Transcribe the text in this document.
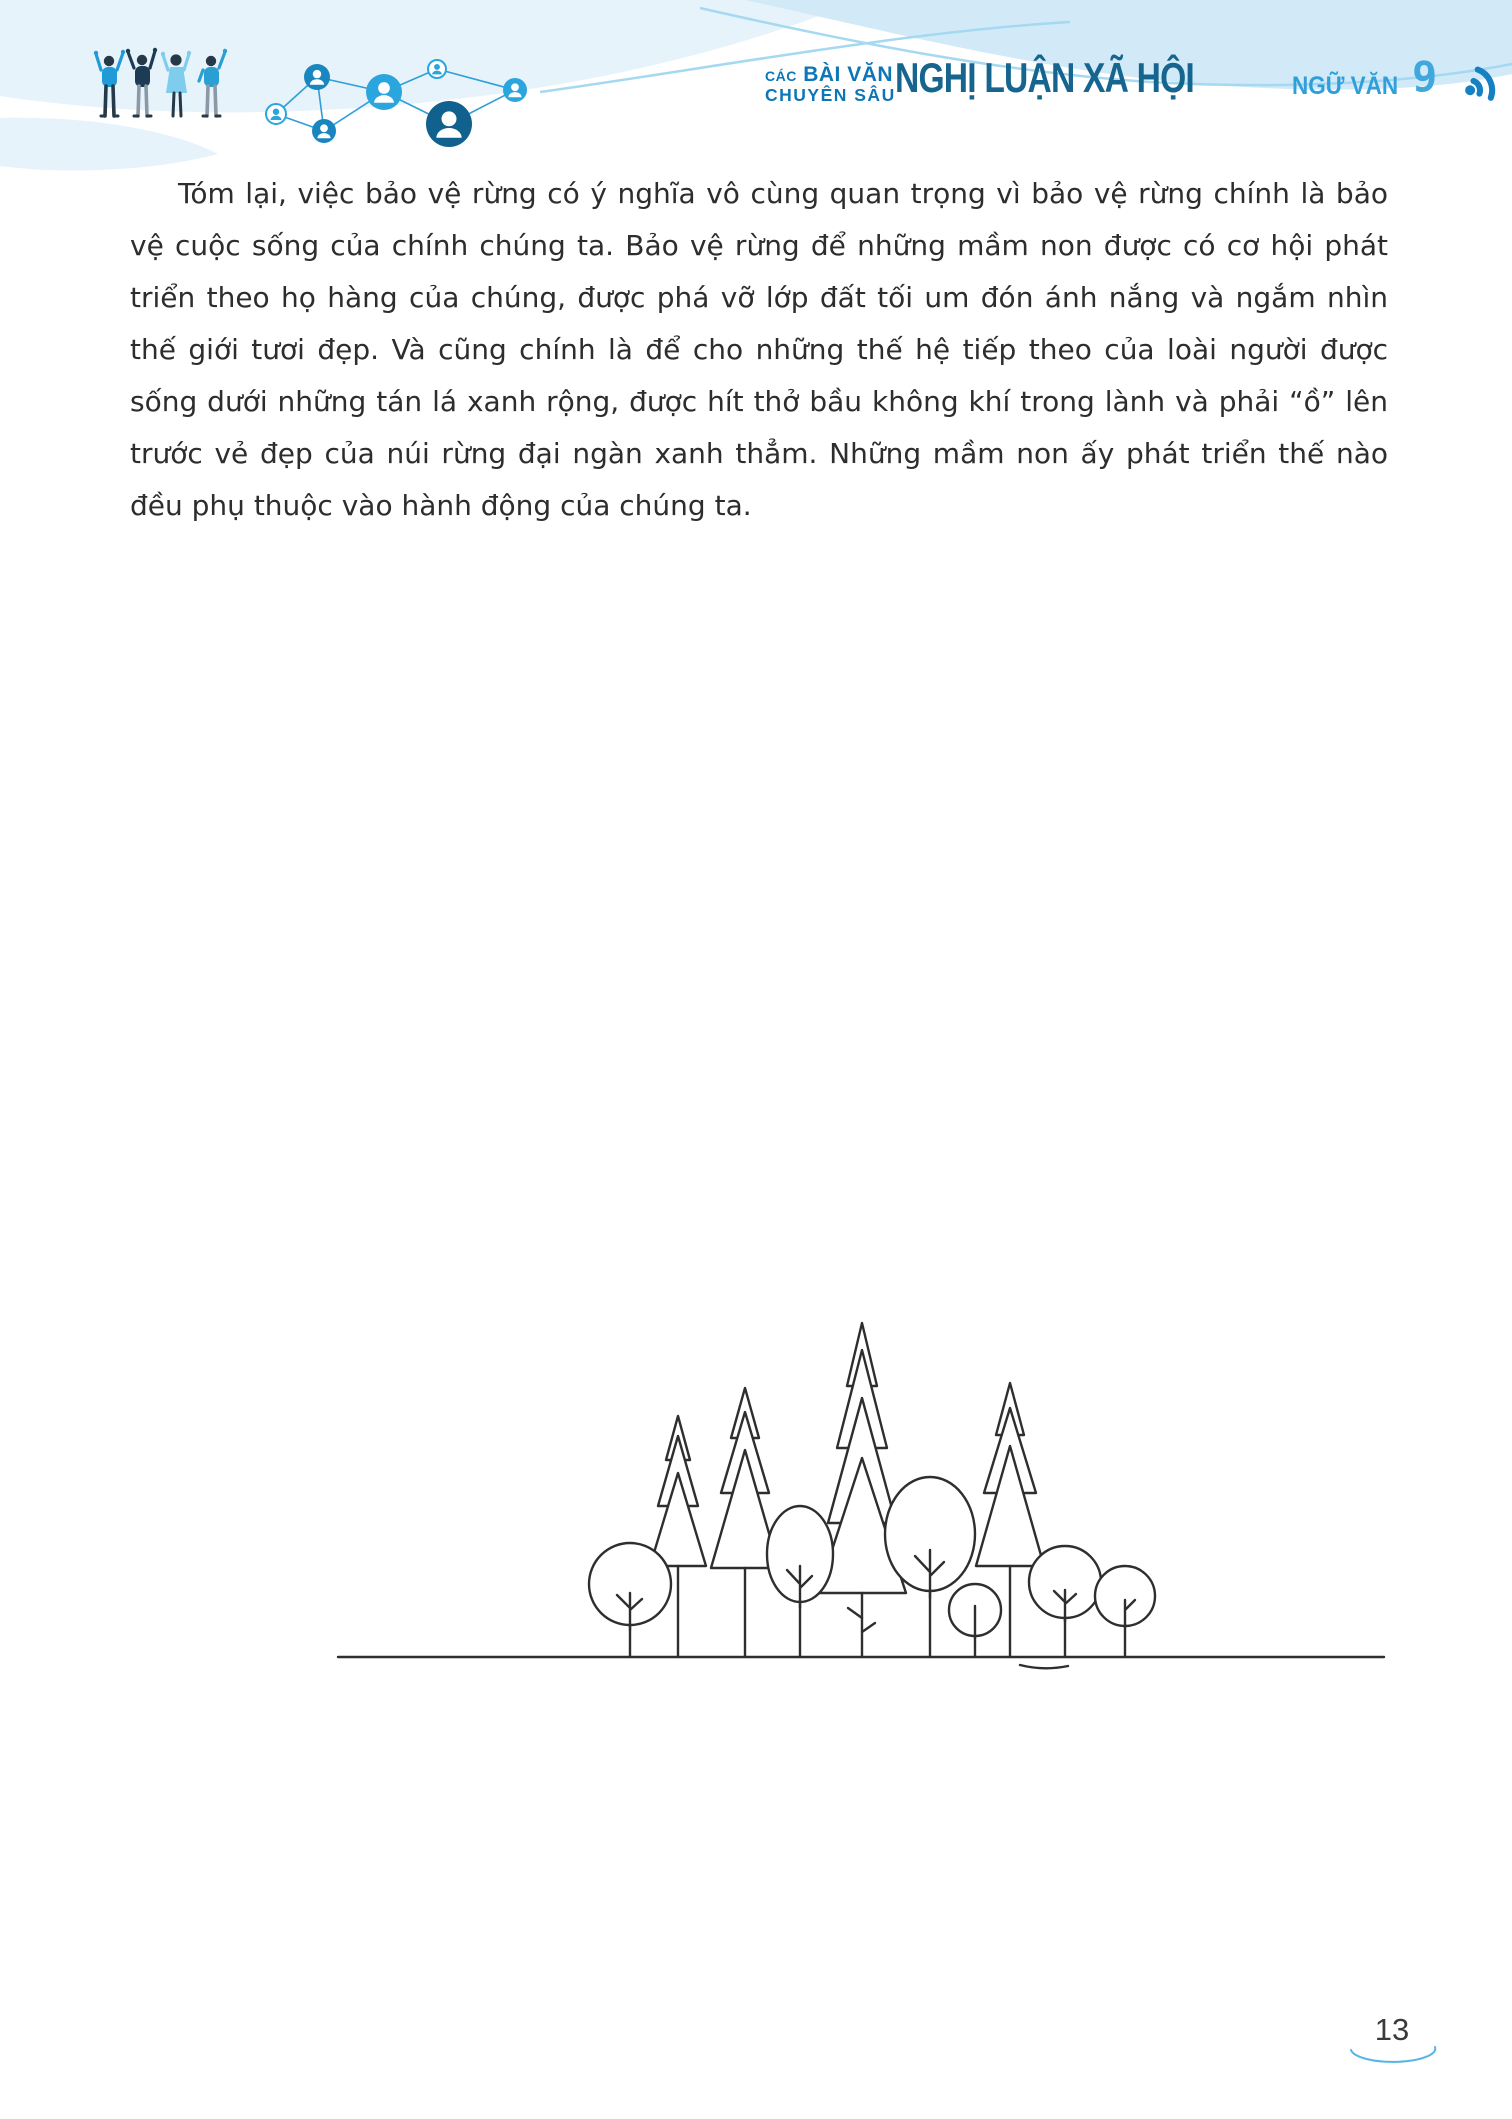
CÁC BÀI VĂN
CHUYÊN SÂU NGHỊ LUẬN XÃ HỘI	NGỮ VĂN 9

Tóm lại, việc bảo vệ rừng có ý nghĩa vô cùng quan trọng vì bảo vệ rừng chính là bảo vệ cuộc sống của chính chúng ta. Bảo vệ rừng để những mầm non được có cơ hội phát triển theo họ hàng của chúng, được phá vỡ lớp đất tối um đón ánh nắng và ngắm nhìn thế giới tươi đẹp. Và cũng chính là để cho những thế hệ tiếp theo của loài người được sống dưới những tán lá xanh rộng, được hít thở bầu không khí trong lành và phải “ồ” lên trước vẻ đẹp của núi rừng đại ngàn xanh thẳm. Những mầm non ấy phát triển thế nào đều phụ thuộc vào hành động của chúng ta.

13
